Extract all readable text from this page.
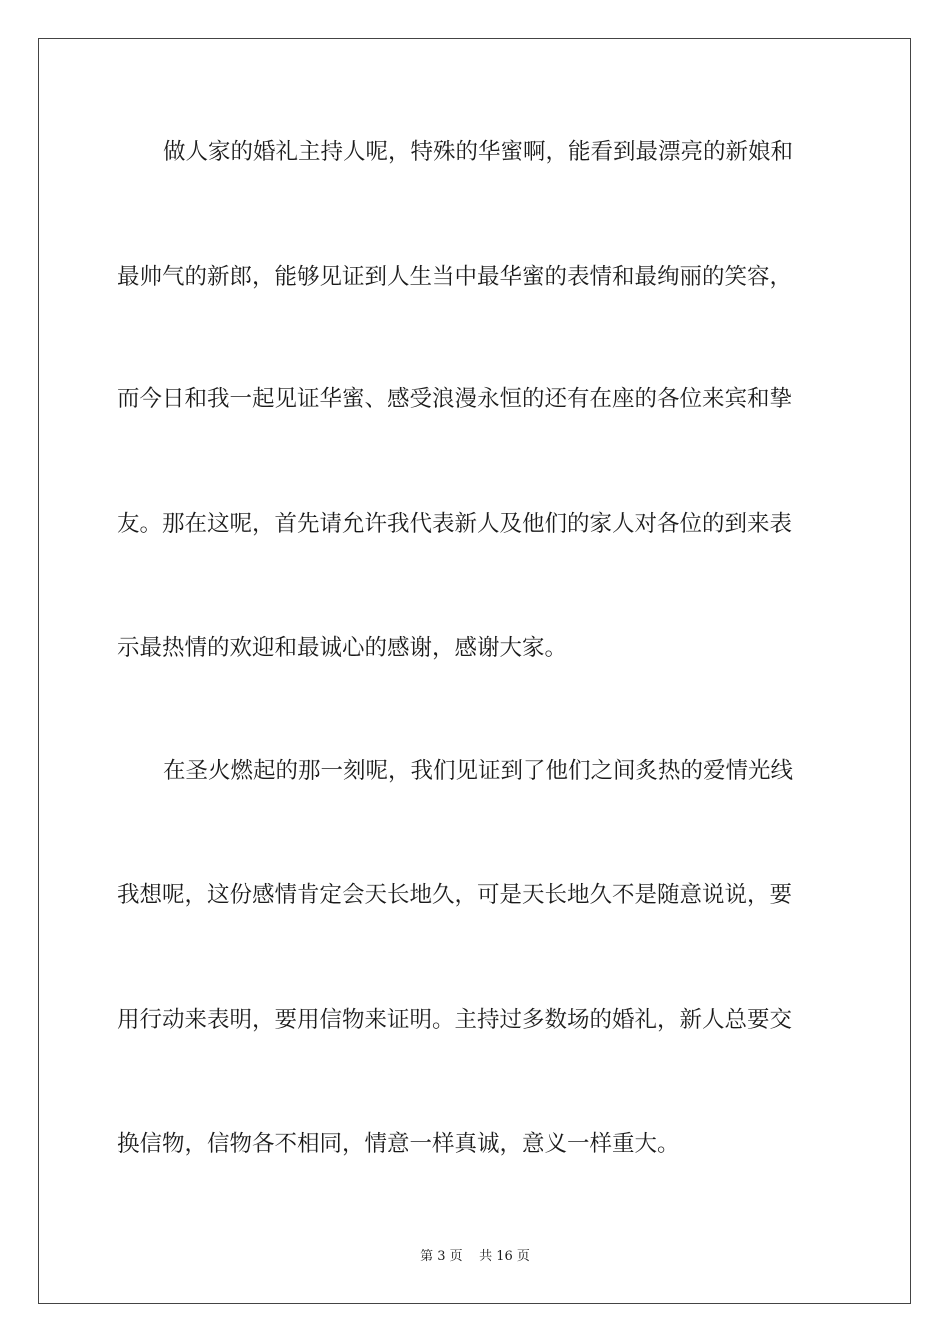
做人家的婚礼主持人呢，特殊的华蜜啊，能看到最漂亮的新娘和
最帅气的新郎，能够见证到人生当中最华蜜的表情和最绚丽的笑容，
而今日和我一起见证华蜜、感受浪漫永恒的还有在座的各位来宾和挚
友。那在这呢，首先请允许我代表新人及他们的家人对各位的到来表
示最热情的欢迎和最诚心的感谢，感谢大家。
在圣火燃起的那一刻呢，我们见证到了他们之间炙热的爱情光线
我想呢，这份感情肯定会天长地久，可是天长地久不是随意说说，要
用行动来表明，要用信物来证明。主持过多数场的婚礼，新人总要交
换信物，信物各不相同，情意一样真诚，意义一样重大。
第 3 页    共 16 页
